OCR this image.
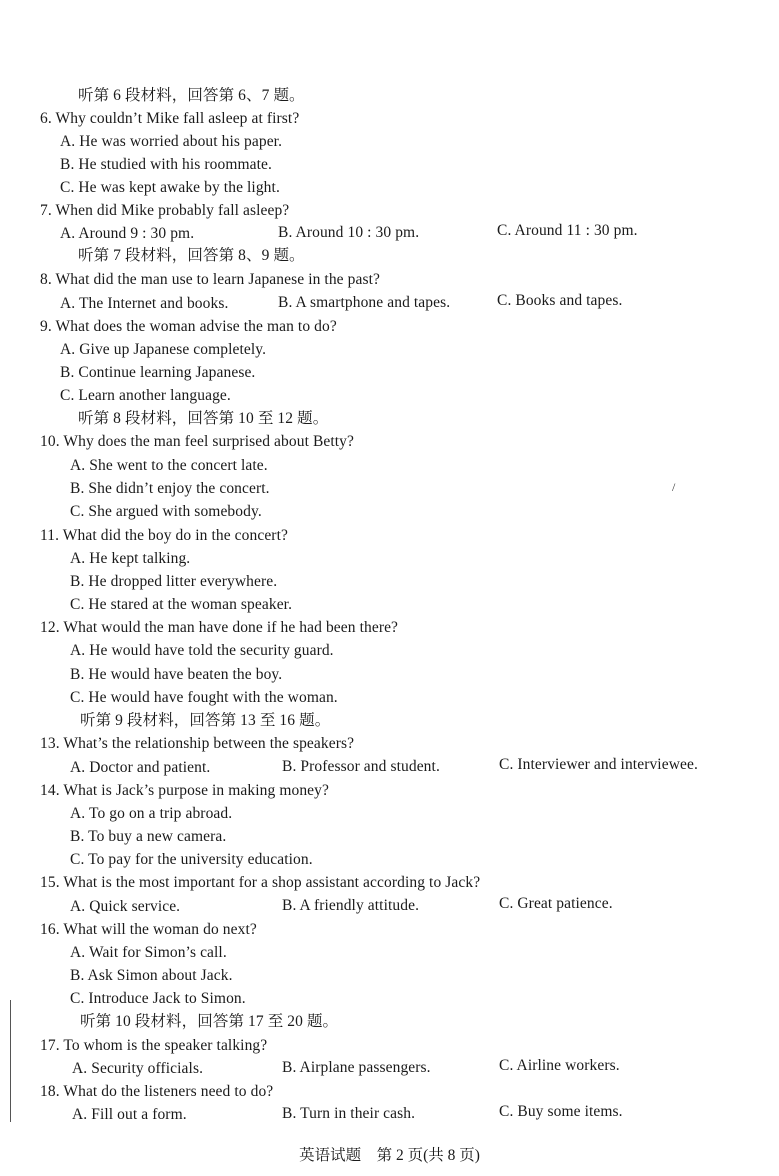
听第 6 段材料，回答第 6、7 题。
6. Why couldn’t Mike fall asleep at first?
A. He was worried about his paper.
B. He studied with his roommate.
C. He was kept awake by the light.
7. When did Mike probably fall asleep?
A. Around 9 : 30 pm.	B. Around 10 : 30 pm.	C. Around 11 : 30 pm.
听第 7 段材料，回答第 8、9 题。
8. What did the man use to learn Japanese in the past?
A. The Internet and books.	B. A smartphone and tapes.	C. Books and tapes.
9. What does the woman advise the man to do?
A. Give up Japanese completely.
B. Continue learning Japanese.
C. Learn another language.
听第 8 段材料，回答第 10 至 12 题。
10. Why does the man feel surprised about Betty?
A. She went to the concert late.
B. She didn’t enjoy the concert.
C. She argued with somebody.
11. What did the boy do in the concert?
A. He kept talking.
B. He dropped litter everywhere.
C. He stared at the woman speaker.
12. What would the man have done if he had been there?
A. He would have told the security guard.
B. He would have beaten the boy.
C. He would have fought with the woman.
听第 9 段材料，回答第 13 至 16 题。
13. What’s the relationship between the speakers?
A. Doctor and patient.	B. Professor and student.	C. Interviewer and interviewee.
14. What is Jack’s purpose in making money?
A. To go on a trip abroad.
B. To buy a new camera.
C. To pay for the university education.
15. What is the most important for a shop assistant according to Jack?
A. Quick service.	B. A friendly attitude.	C. Great patience.
16. What will the woman do next?
A. Wait for Simon’s call.
B. Ask Simon about Jack.
C. Introduce Jack to Simon.
听第 10 段材料，回答第 17 至 20 题。
17. To whom is the speaker talking?
A. Security officials.	B. Airplane passengers.	C. Airline workers.
18. What do the listeners need to do?
A. Fill out a form.	B. Turn in their cash.	C. Buy some items.
/
英语试题　第 2 页(共 8 页)
